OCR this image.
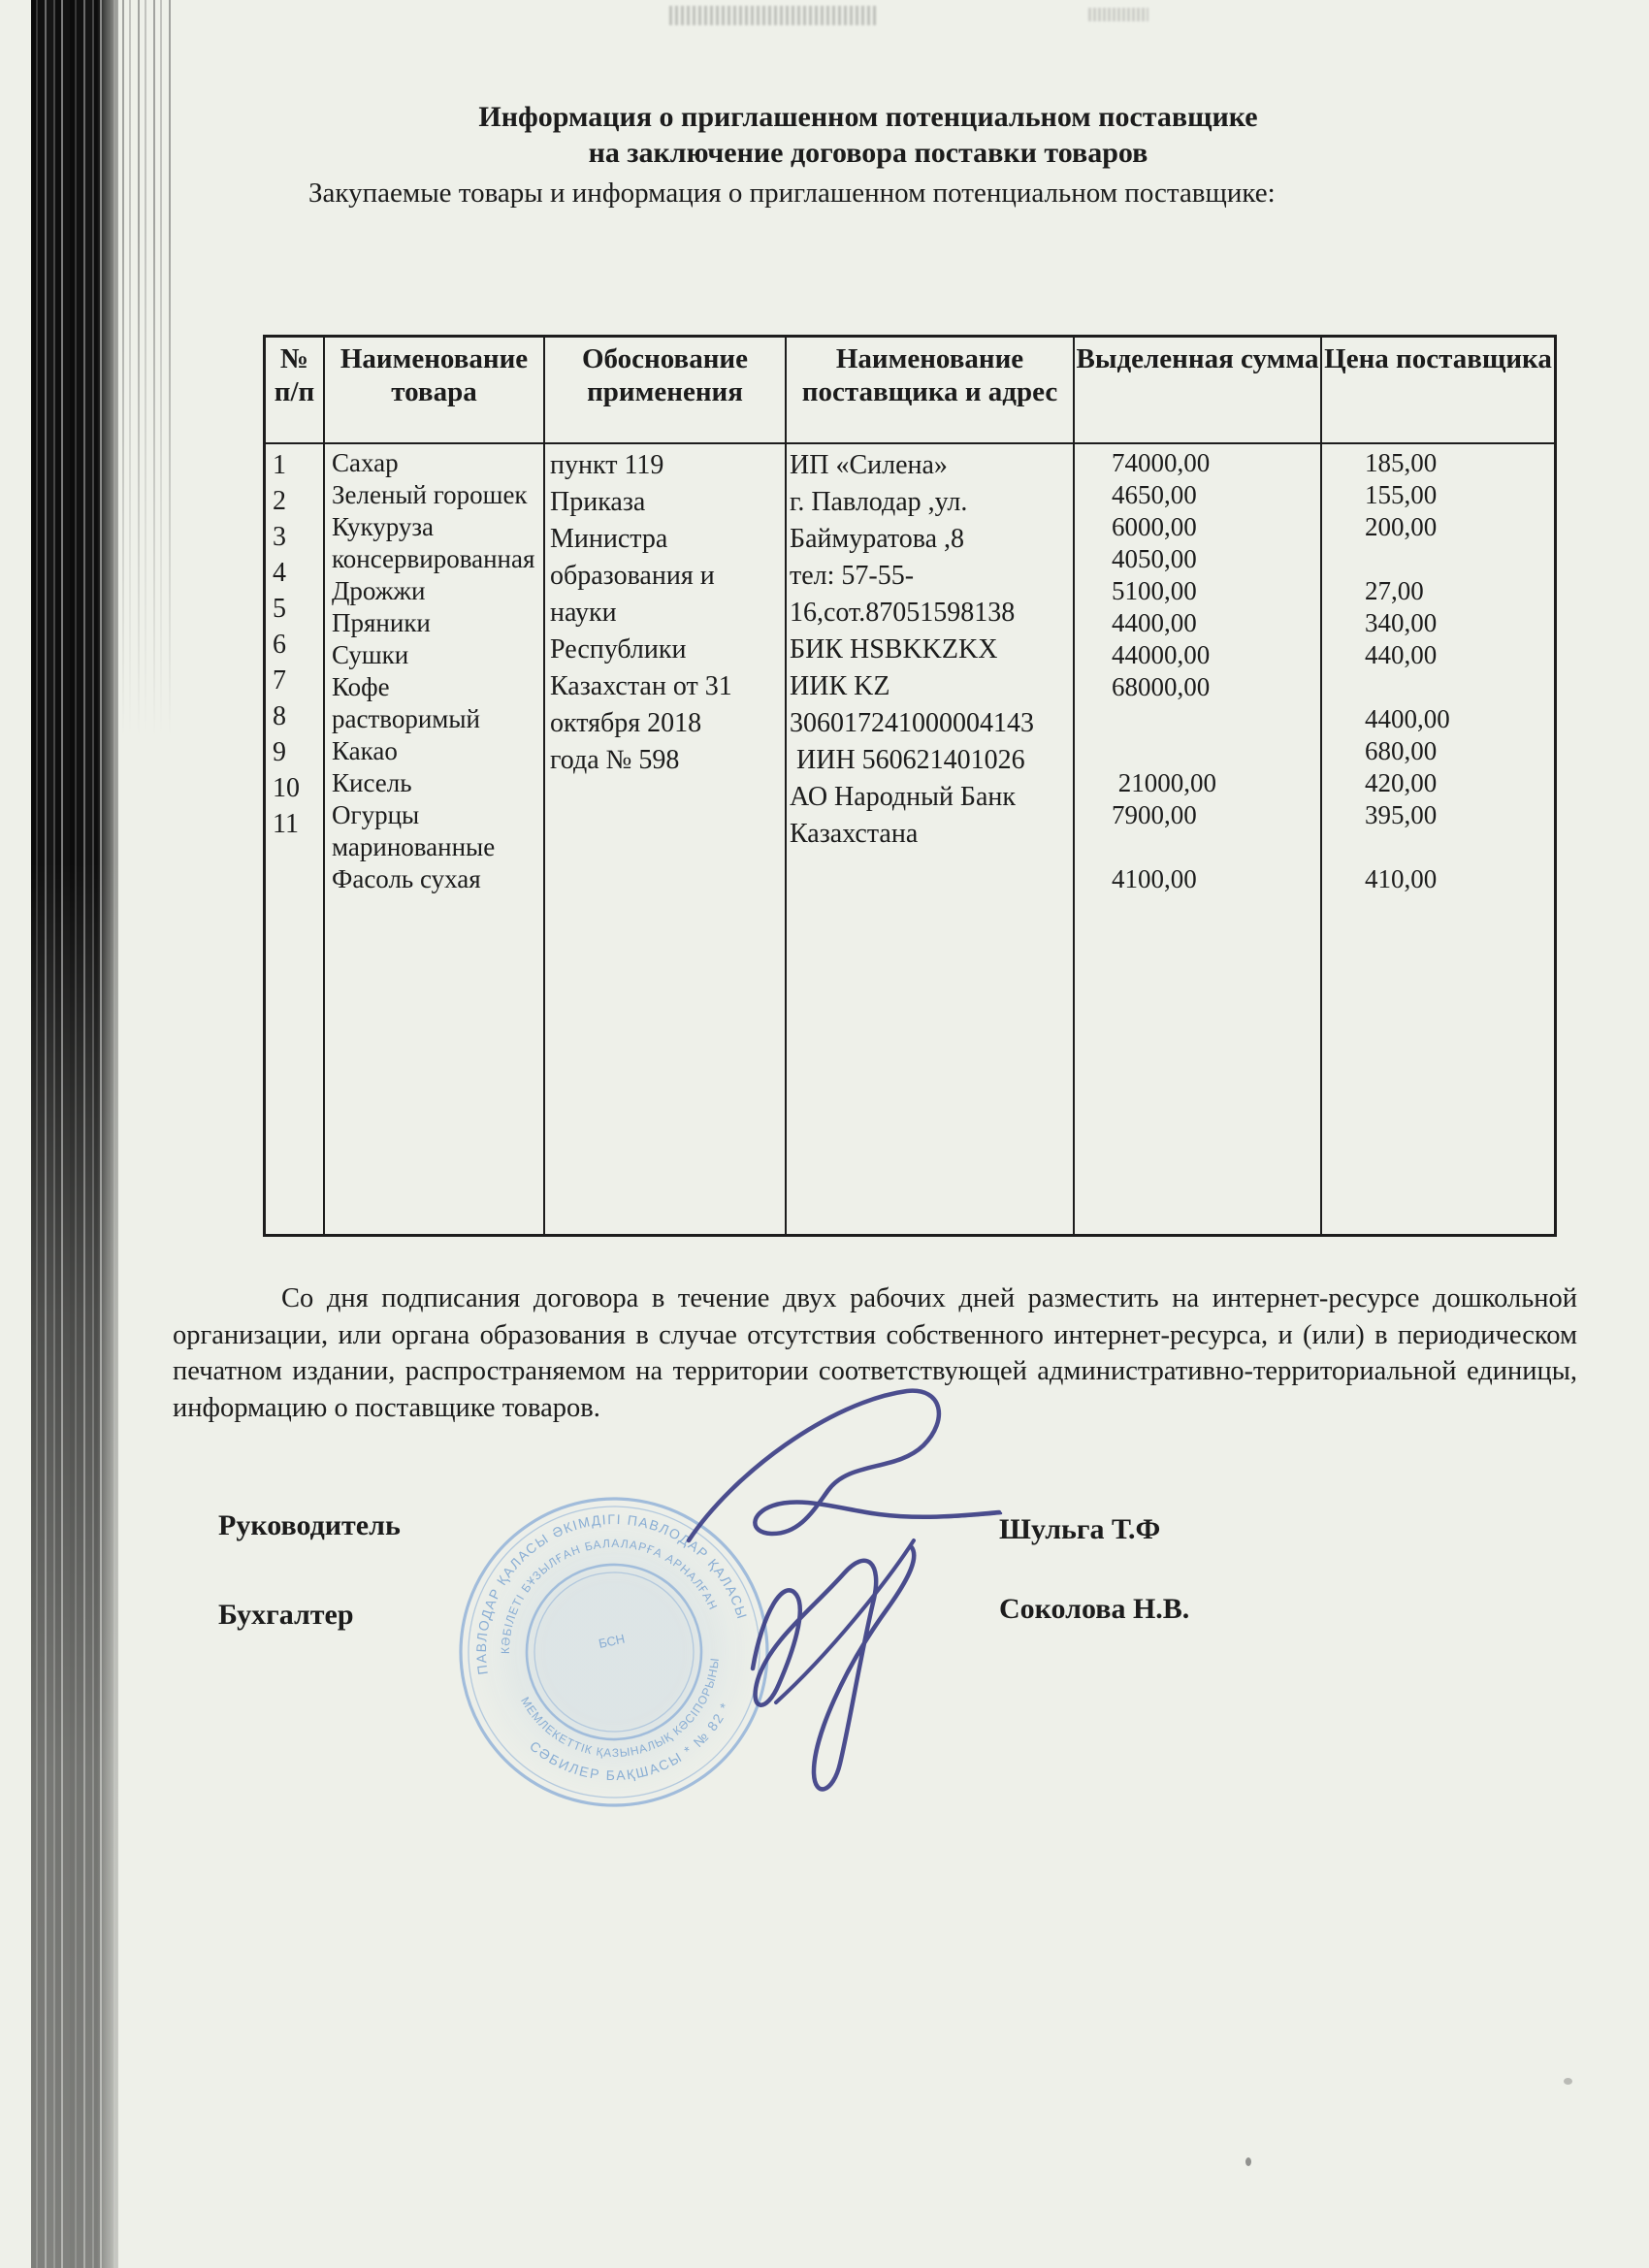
Информация о приглашенном потенциальном поставщике
на заключение договора поставки товаров
Закупаемые товары и информация о приглашенном потенциальном поставщике:
№ п/п
Наименование товара
Обоснование применения
Наименование поставщика и адрес
Выделенная сумма Цена поставщика
1
2
3
4
5
6
7
8
9
10
11
Сахар
Зеленый горошек
Кукуруза
консервированная
Дрожжи
Пряники
Сушки
Кофе
растворимый
Какао
Кисель
Огурцы
маринованные
Фасоль сухая
пункт 119
Приказа
Министра
образования и
науки
Республики
Казахстан от 31
октября 2018
года № 598
ИП «Силена»
г. Павлодар ,ул.
Баймуратова ,8
тел: 57-55-
16,сот.87051598138
БИК HSBKKZKX
ИИК KZ
306017241000004143
ИИН 560621401026
АО Народный Банк
Казахстана
74000,00
4650,00
6000,00
4050,00
5100,00
4400,00
44000,00
68000,00

21000,00
7900,00

4100,00
185,00
155,00
200,00

27,00
340,00
440,00

4400,00
680,00
420,00
395,00

410,00
Со дня подписания договора в течение двух рабочих дней разместить на интернет-ресурсе дошкольной организации, или органа образования в случае отсутствия собственного интернет-ресурса, и (или) в периодическом печатном издании, распространяемом на территории соответствующей административно-территориальной единицы, информацию о поставщике товаров.
Руководитель
Бухгалтер
Шульга Т.Ф
Соколова Н.В.
ПАВЛОДАР ҚАЛАСЫ ӘКІМДІГІ ПАВЛОДАР ҚАЛАСЫ
СӘБИЛЕР БАҚШАСЫ * № 82 *
КӘБІЛЕТІ БҰЗЫЛҒАН БАЛАЛАРҒА АРНАЛҒАН
МЕМЛЕКЕТТІК ҚАЗЫНАЛЫҚ КӘСІПОРЫНЫ
БСН
